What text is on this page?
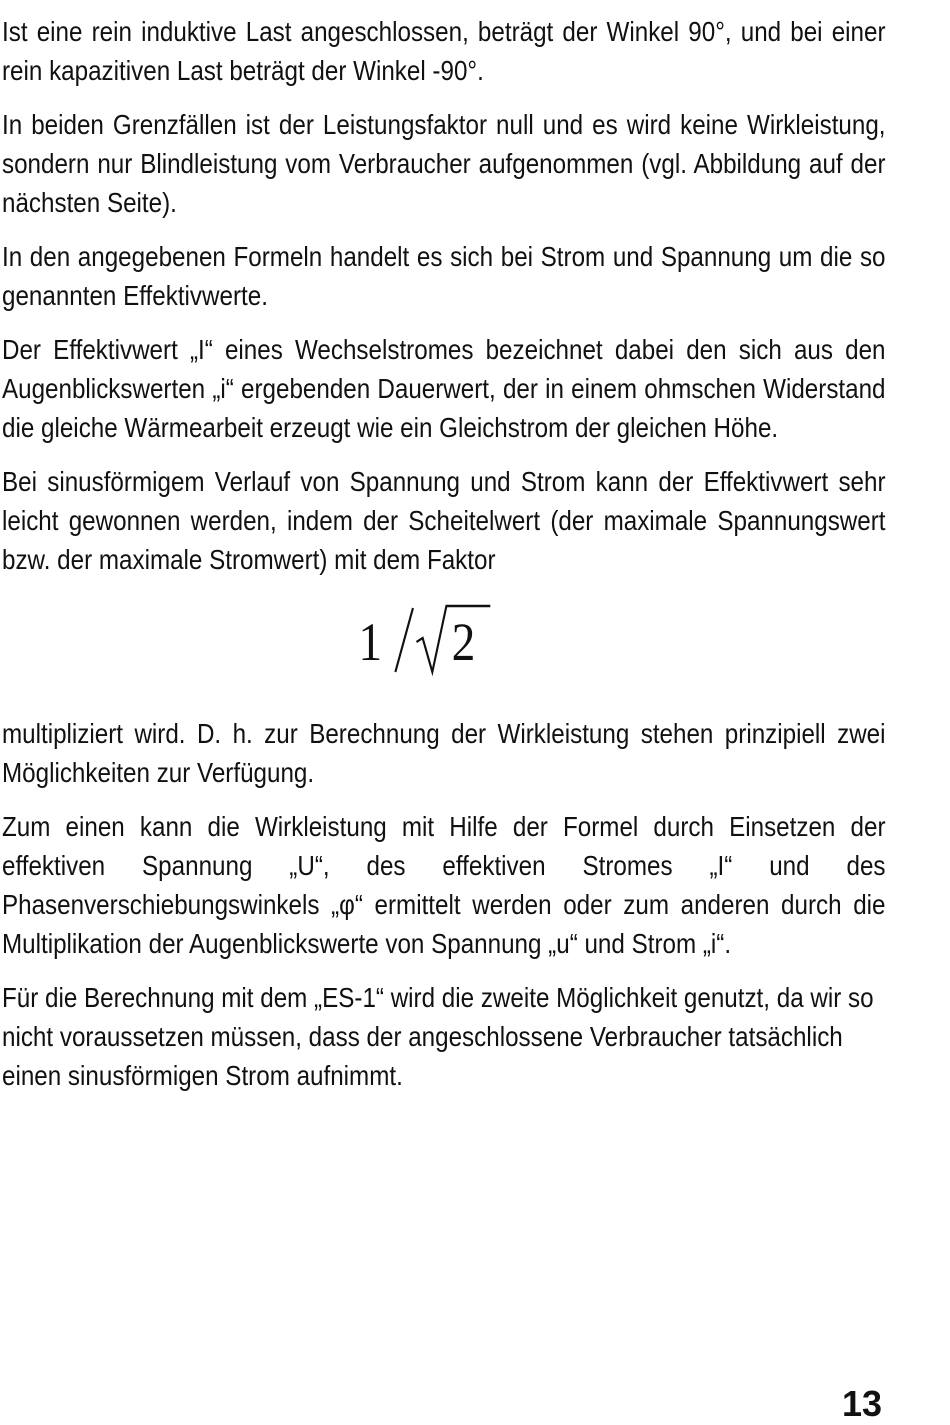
Ist eine rein induktive Last angeschlossen, beträgt der Winkel 90°, und bei einer rein kapazitiven Last beträgt der Winkel -90°.

In beiden Grenzfällen ist der Leistungsfaktor null und es wird keine Wirkleistung, sondern nur Blindleistung vom Verbraucher aufgenommen (vgl. Abbildung auf der nächsten Seite).

In den angegebenen Formeln handelt es sich bei Strom und Spannung um die so genannten Effektivwerte.

Der Effektivwert „I“ eines Wechselstromes bezeichnet dabei den sich aus den Augenblickswerten „i“ ergebenden Dauerwert, der in einem ohmschen Widerstand die gleiche Wärmearbeit erzeugt wie ein Gleichstrom der gleichen Höhe.

Bei sinusförmigem Verlauf von Spannung und Strom kann der Effektivwert sehr leicht gewonnen werden, indem der Scheitelwert (der maximale Spannungswert bzw. der maximale Stromwert) mit dem Faktor

1 2

multipliziert wird. D. h. zur Berechnung der Wirkleistung stehen prinzipiell zwei Möglichkeiten zur Verfügung.

Zum einen kann die Wirkleistung mit Hilfe der Formel durch Einsetzen der effektiven Spannung „U“, des effektiven Stromes „I“ und des Phasenverschiebungswinkels „φ“ ermittelt werden oder zum anderen durch die Multiplikation der Augenblickswerte von Spannung „u“ und Strom „i“.

Für die Berechnung mit dem „ES-1“ wird die zweite Möglichkeit genutzt, da wir so nicht voraussetzen müssen, dass der angeschlossene Verbraucher tatsächlich einen sinusförmigen Strom aufnimmt.

13
